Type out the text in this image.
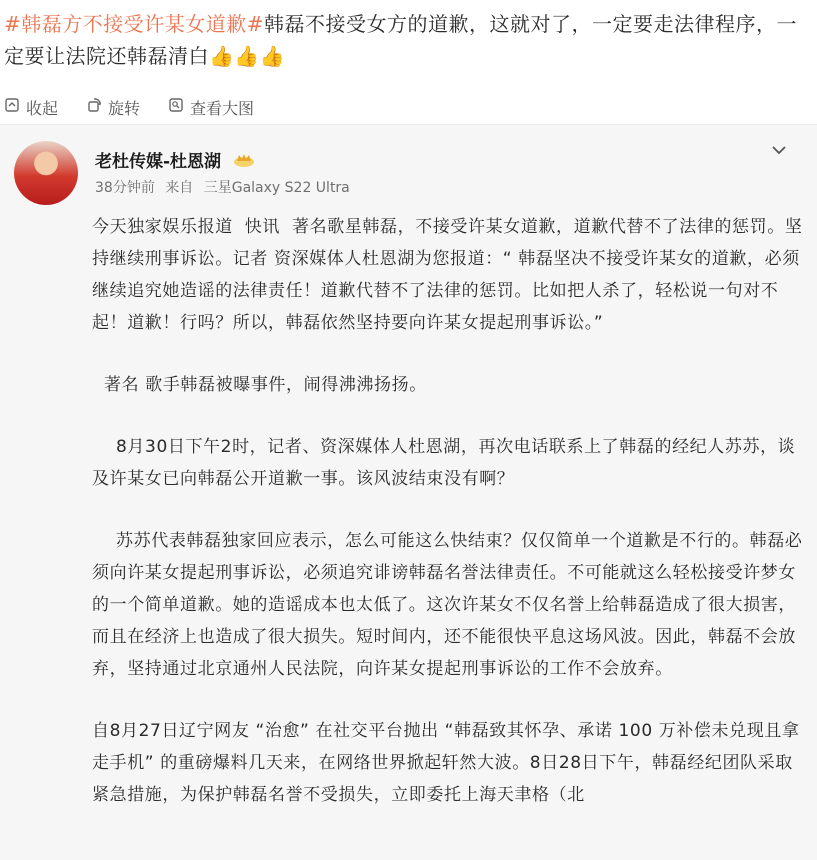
#韩磊方不接受许某女道歉#韩磊不接受女方的道歉，这就对了，一定要走法律程序，一定要让法院还韩磊清白👍👍👍
收起	旋转	查看大图
老杜传媒-杜恩湖
38分钟前 来自 三星Galaxy S22 Ultra

今天独家娱乐报道  快讯  著名歌星韩磊，不接受许某女道歉，道歉代替不了法律的惩罚。坚持继续刑事诉讼。记者 资深媒体人杜恩湖为您报道：“ 韩磊坚决不接受许某女的道歉，必须继续追究她造谣的法律责任！道歉代替不了法律的惩罚。比如把人杀了，轻松说一句对不起！道歉！行吗？所以，韩磊依然坚持要向许某女提起刑事诉讼。”

著名 歌手韩磊被曝事件，闹得沸沸扬扬。

8月30日下午2时，记者、资深媒体人杜恩湖，再次电话联系上了韩磊的经纪人苏苏，谈及许某女已向韩磊公开道歉一事。该风波结束没有啊？

苏苏代表韩磊独家回应表示，怎么可能这么快结束？仅仅简单一个道歉是不行的。韩磊必须向许某女提起刑事诉讼，必须追究诽谤韩磊名誉法律责任。不可能就这么轻松接受许梦女的一个简单道歉。她的造谣成本也太低了。这次许某女不仅名誉上给韩磊造成了很大损害，而且在经济上也造成了很大损失。短时间内，还不能很快平息这场风波。因此，韩磊不会放弃，坚持通过北京通州人民法院，向许某女提起刑事诉讼的工作不会放弃。

自8月27日辽宁网友 “治愈” 在社交平台抛出 “韩磊致其怀孕、承诺 100 万补偿未兑现且拿走手机” 的重磅爆料几天来，在网络世界掀起轩然大波。8日28日下午，韩磊经纪团队采取紧急措施，为保护韩磊名誉不受损失，立即委托上海天聿格（北
